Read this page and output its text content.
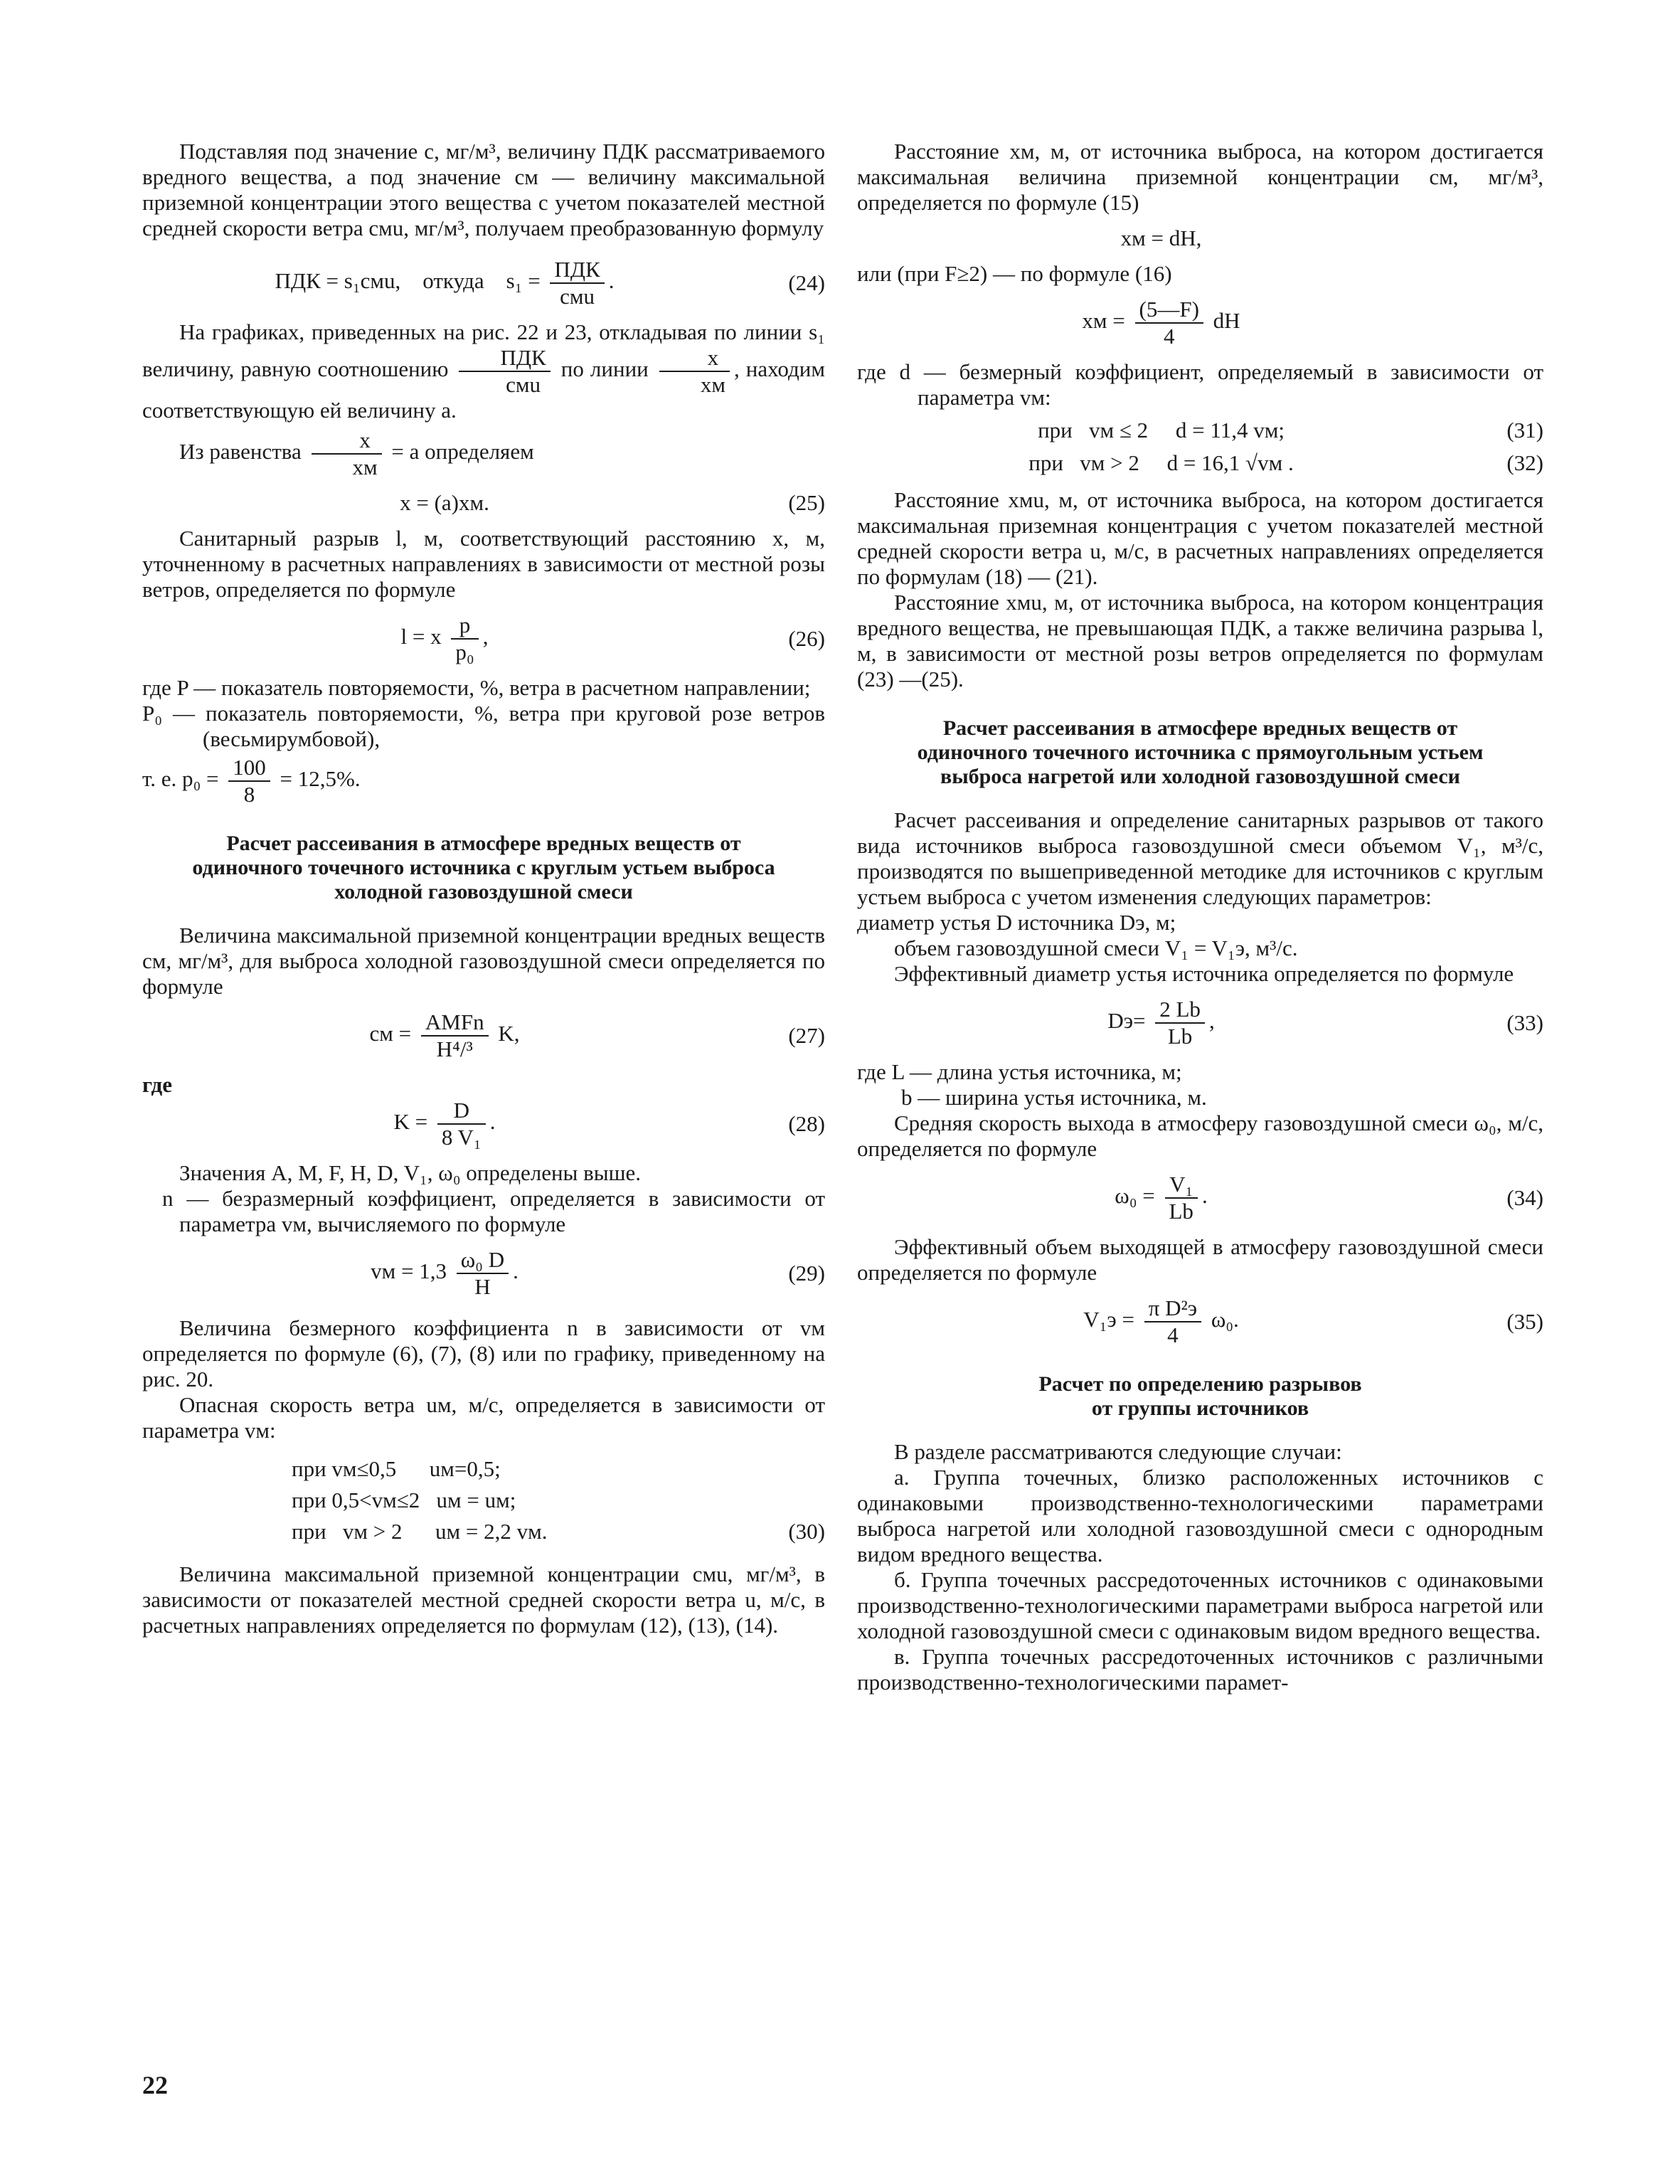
Подставляя под значение c, мг/м³, величину ПДК рассматриваемого вредного вещества, а под значение cм — величину максимальной приземной концентрации этого вещества с учетом показателей местной средней скорости ветра cмu, мг/м³, получаем преобразованную формулу

ПДК = s₁cмu, откуда $s_1 = \frac{\text{ПДК}}{\text{cмu}}$ .	(24)

На графиках, приведенных на рис. 22 и 23, откладывая по линии s₁ величину, равную соотношению $\frac{\text{ПДК}}{\text{cмu}}$ по линии $\frac{x}{xм}$ , находим соответствующую ей величину a.

Из равенства $\frac{x}{xм} = a$ определяем

x = (a)xм.	(25)

Санитарный разрыв l, м, соответствующий расстоянию x, м, уточненному в расчетных направлениях в зависимости от местной розы ветров, определяется по формуле

l = x $\frac{p}{\text{p₀}}$ ,	(26)

где P — показатель повторяемости, %, ветра в расчетном направлении;

P₀ — показатель повторяемости, %, ветра при круговой розе ветров (весьмирумбовой),

т. е. $p_0 = \frac{100}{8} = 12,5\%$.

Расчет рассеивания в атмосфере вредных веществ от одиночного точечного источника с круглым устьем выброса холодной газовоздушной смеси

Величина максимальной приземной концентрации вредных веществ cм, мг/м³, для выброса холодной газовоздушной смеси определяется по формуле

cм = $\frac{\text{AMFn}}{\text{H⁴/³}} K$,	(27)

где

$K = \frac{D}{\text{8 V₁}}$ .	(28)

Значения A, M, F, H, D, V₁, ω₀ определены выше.

n — безразмерный коэффициент, определяется в зависимости от параметра vм, вычисляемого по формуле

vм = $1,3 \frac{\text{ω₀ D}}{H}$ .	(29)

Величина безмерного коэффициента n в зависимости от vм определяется по формуле (6), (7), (8) или по графику, приведенному на рис. 20.

Опасная скорость ветра uм, м/с, определяется в зависимости от параметра vм:

при vм≤0,5      uм=0,5;
при 0,5<vм≤2   uм = uм;
при   vм > 2      uм = 2,2 vм.	(30)

Величина максимальной приземной концентрации cмu, мг/м³, в зависимости от показателей местной средней скорости ветра u, м/с, в расчетных направлениях определяется по формулам (12), (13), (14).

Расстояние xм, м, от источника выброса, на котором достигается максимальная величина приземной концентрации cм, мг/м³, определяется по формуле (15)

xм = dH,

или (при F≥2) — по формуле (16)

xм = $\frac{(5—F)}{4}$ dH

где d — безмерный коэффициент, определяемый в зависимости от параметра vм:

при   vм ≤ 2     d = 11,4 vм;	(31)
при   vм > 2     d = 16,1 √vм .	(32)

Расстояние xмu, м, от источника выброса, на котором достигается максимальная приземная концентрация с учетом показателей местной средней скорости ветра u, м/с, в расчетных направлениях определяется по формулам (18) — (21).

Расстояние xмu, м, от источника выброса, на котором концентрация вредного вещества, не превышающая ПДК, а также величина разрыва l, м, в зависимости от местной розы ветров определяется по формулам (23) —(25).

Расчет рассеивания в атмосфере вредных веществ от одиночного точечного источника с прямоугольным устьем выброса нагретой или холодной газовоздушной смеси

Расчет рассеивания и определение санитарных разрывов от такого вида источников выброса газовоздушной смеси объемом V₁, м³/с, производятся по вышеприведенной методике для источников с круглым устьем выброса с учетом изменения следующих параметров:

диаметр устья D источника Dэ, м;

объем газовоздушной смеси V₁ = V₁э, м³/с.

Эффективный диаметр устья источника определяется по формуле

$Dэ= \frac{2 Lb}{Lb}$ ,	(33)

где L — длина устья источника, м;

b — ширина устья источника, м.

Средняя скорость выхода в атмосферу газовоздушной смеси ω₀, м/с, определяется по формуле

$\omega_0 = \frac{\text{V₁}}{Lb}$ .	(34)

Эффективный объем выходящей в атмосферу газовоздушной смеси определяется по формуле

$V_1э = \frac{\text{π D²э}}{4} \omega_0$.	(35)
Расчет по определению разрывов от группы источников

В разделе рассматриваются следующие случаи:

а. Группа точечных, близко расположенных источников с одинаковыми производственно-технологическими параметрами выброса нагретой или холодной газовоздушной смеси с однородным видом вредного вещества.

б. Группа точечных рассредоточенных источников с одинаковыми производственно-технологическими параметрами выброса нагретой или холодной газовоздушной смеси с одинаковым видом вредного вещества.

в. Группа точечных рассредоточенных источников с различными производственно-технологическими парамет-

22
